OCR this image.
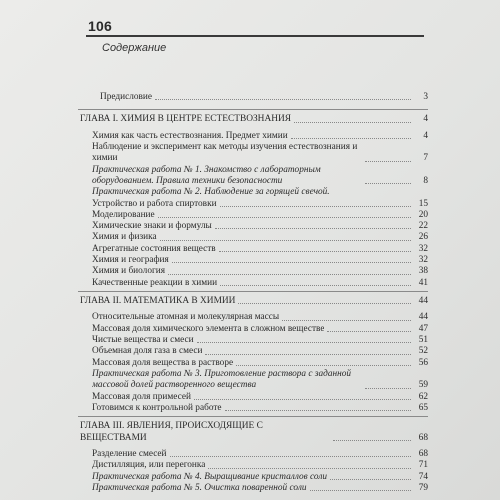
106
Содержание
Предисловие	3
ГЛАВА I. ХИМИЯ В ЦЕНТРЕ ЕСТЕСТВОЗНАНИЯ	4
Химия как часть естествознания. Предмет химии	4
Наблюдение и эксперимент как методы изучения естествознания и химии	7
Практическая работа № 1. Знакомство с лабораторным оборудованием. Правила техники безопасности	8
Практическая работа № 2. Наблюдение за горящей свечой.
Устройство и работа спиртовки	15
Моделирование	20
Химические знаки и формулы	22
Химия и физика	26
Агрегатные состояния веществ	32
Химия и география	32
Химия и биология	38
Качественные реакции в химии	41
ГЛАВА II. МАТЕМАТИКА В ХИМИИ	44
Относительные атомная и молекулярная массы	44
Массовая доля химического элемента в сложном веществе	47
Чистые вещества и смеси	51
Объемная доля газа в смеси	52
Массовая доля вещества в растворе	56
Практическая работа № 3. Приготовление раствора с заданной массовой долей растворенного вещества	59
Массовая доля примесей	62
Готовимся к контрольной работе	65
ГЛАВА III. ЯВЛЕНИЯ, ПРОИСХОДЯЩИЕ С ВЕЩЕСТВАМИ	68
Разделение смесей	68
Дистилляция, или перегонка	71
Практическая работа № 4. Выращивание кристаллов соли	74
Практическая работа № 5. Очистка поваренной соли	79
